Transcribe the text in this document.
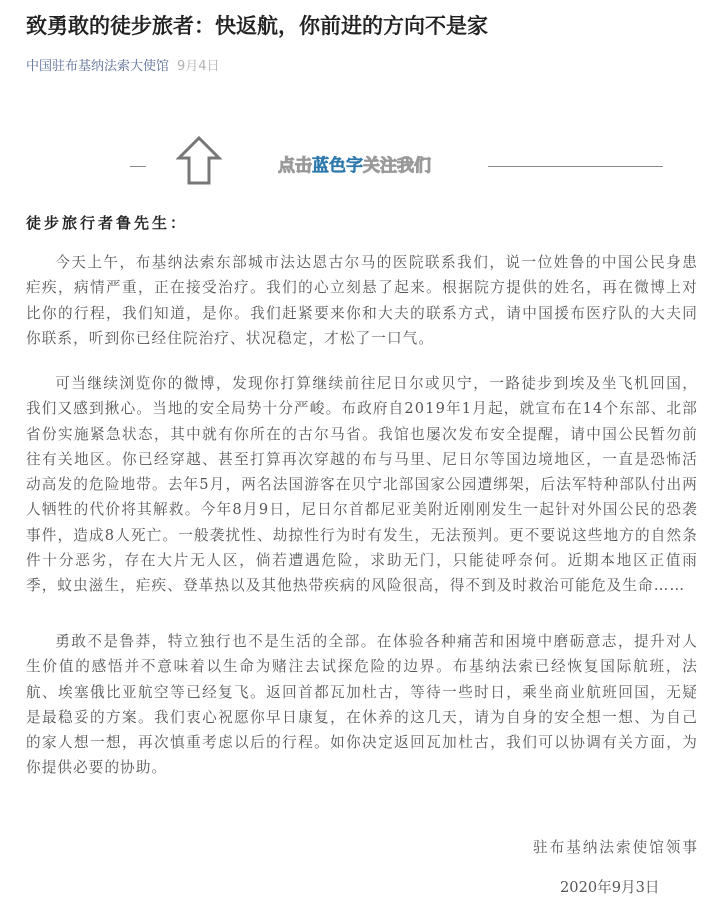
致勇敢的徒步旅者：快返航，你前进的方向不是家
中国驻布基纳法索大使馆 9月4日
点击蓝色字关注我们
徒步旅行者鲁先生：
今天上午，布基纳法索东部城市法达恩古尔马的医院联系我们，说一位姓鲁的中国公民身患疟疾，病情严重，正在接受治疗。我们的心立刻悬了起来。根据院方提供的姓名，再在微博上对比你的行程，我们知道，是你。我们赶紧要来你和大夫的联系方式，请中国援布医疗队的大夫同你联系，听到你已经住院治疗、状况稳定，才松了一口气。
可当继续浏览你的微博，发现你打算继续前往尼日尔或贝宁，一路徒步到埃及坐飞机回国，我们又感到揪心。当地的安全局势十分严峻。布政府自2019年1月起，就宣布在14个东部、北部省份实施紧急状态，其中就有你所在的古尔马省。我馆也屡次发布安全提醒，请中国公民暂勿前往有关地区。你已经穿越、甚至打算再次穿越的布与马里、尼日尔等国边境地区，一直是恐怖活动高发的危险地带。去年5月，两名法国游客在贝宁北部国家公园遭绑架，后法军特种部队付出两人牺牲的代价将其解救。今年8月9日，尼日尔首都尼亚美附近刚刚发生一起针对外国公民的恐袭事件，造成8人死亡。一般袭扰性、劫掠性行为时有发生，无法预判。更不要说这些地方的自然条件十分恶劣，存在大片无人区，倘若遭遇危险，求助无门，只能徒呼奈何。近期本地区正值雨季，蚊虫滋生，疟疾、登革热以及其他热带疾病的风险很高，得不到及时救治可能危及生命……
勇敢不是鲁莽，特立独行也不是生活的全部。在体验各种痛苦和困境中磨砺意志，提升对人生价值的感悟并不意味着以生命为赌注去试探危险的边界。布基纳法索已经恢复国际航班，法航、埃塞俄比亚航空等已经复飞。返回首都瓦加杜古，等待一些时日，乘坐商业航班回国，无疑是最稳妥的方案。我们衷心祝愿你早日康复，在休养的这几天，请为自身的安全想一想、为自己的家人想一想，再次慎重考虑以后的行程。如你决定返回瓦加杜古，我们可以协调有关方面，为你提供必要的协助。
驻布基纳法索使馆领事
2020年9月3日
